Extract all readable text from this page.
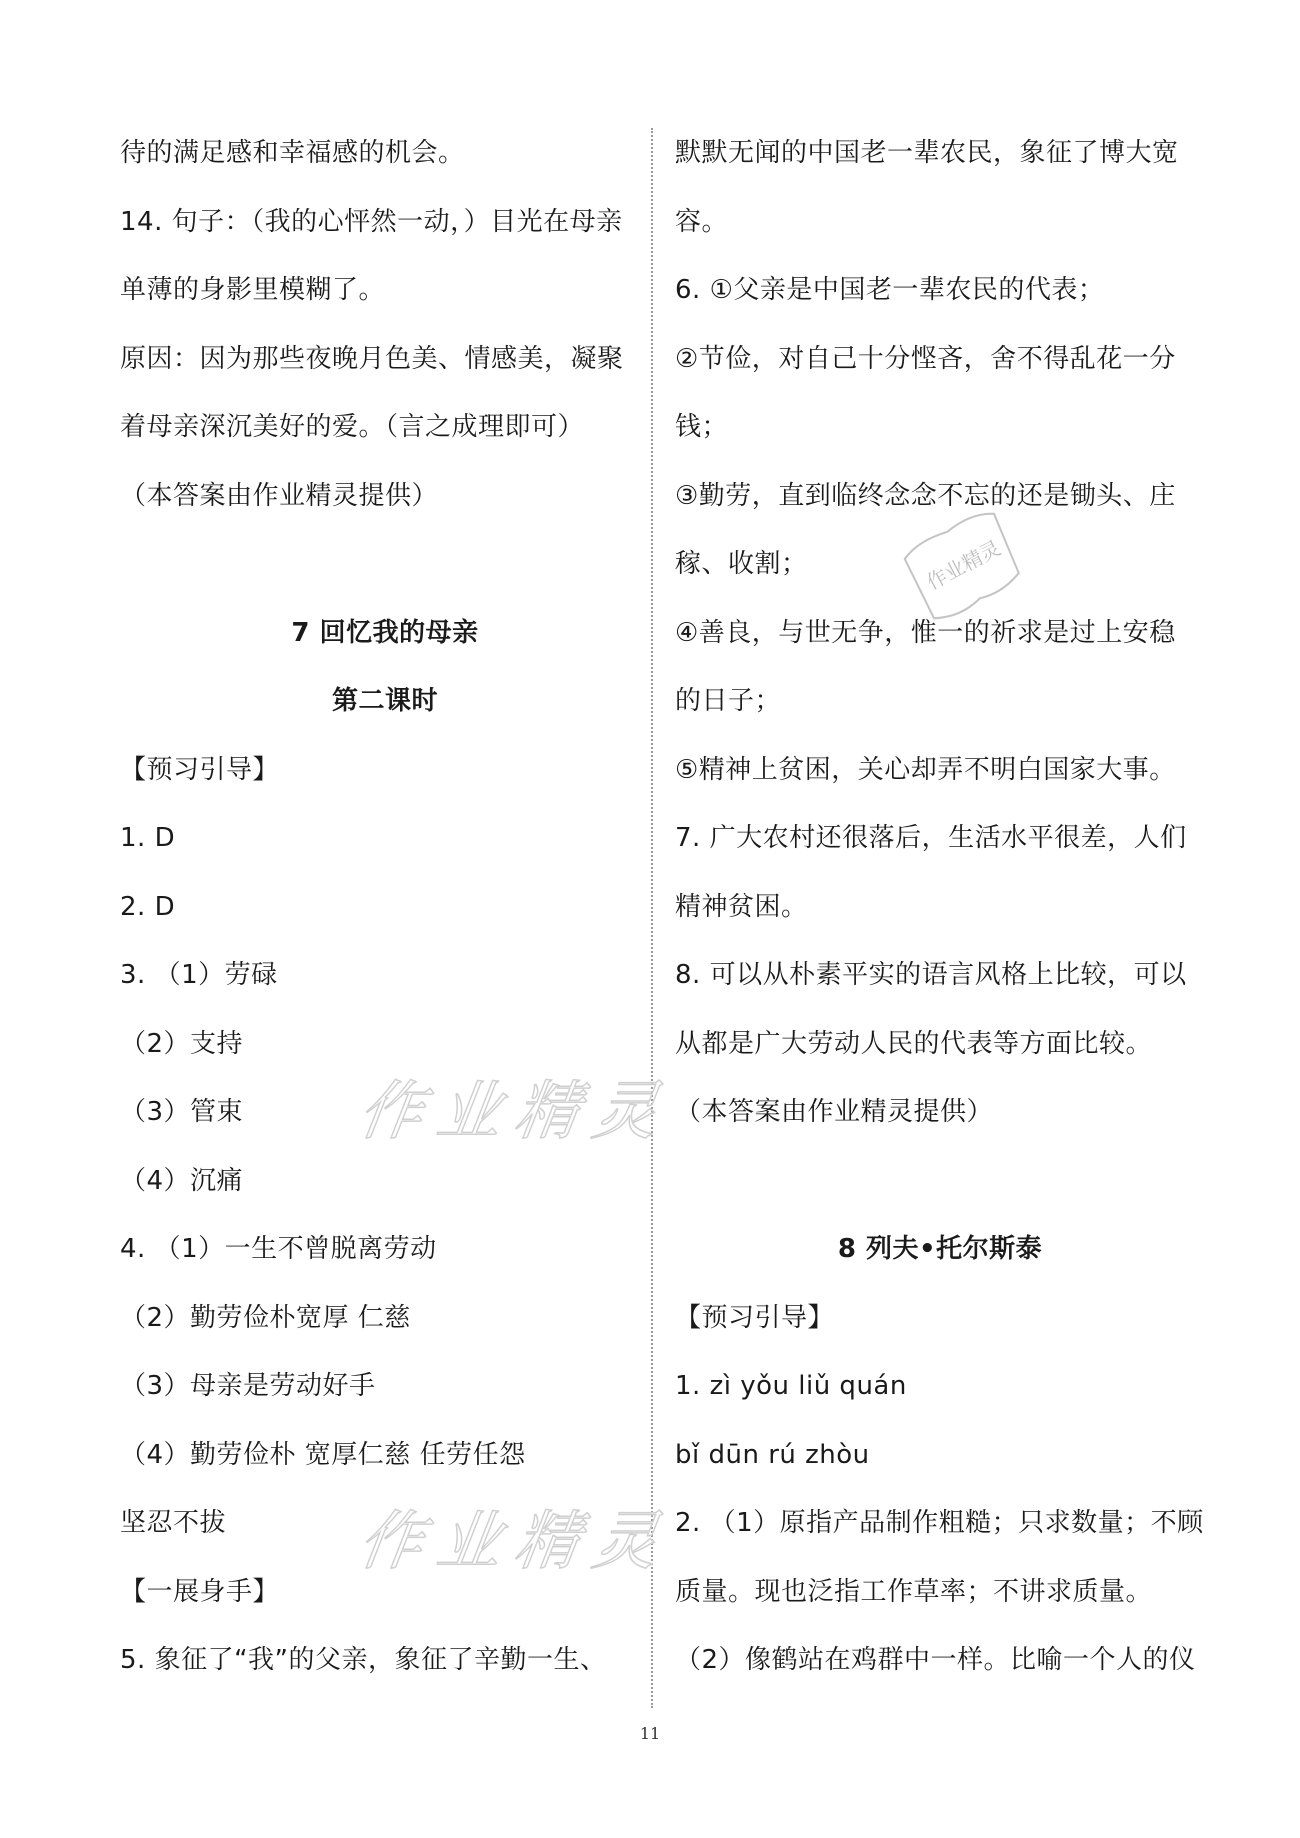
待的满足感和幸福感的机会。
14. 句子：（我的心怦然一动，）目光在母亲
单薄的身影里模糊了。
原因：因为那些夜晚月色美、情感美，凝聚
着母亲深沉美好的爱。（言之成理即可）
（本答案由作业精灵提供）
7 回忆我的母亲
第二课时
【预习引导】
1. D
2. D
3. （1）劳碌
（2）支持
（3）管束
（4）沉痛
4. （1）一生不曾脱离劳动
（2）勤劳俭朴宽厚 仁慈
（3）母亲是劳动好手
（4）勤劳俭朴 宽厚仁慈 任劳任怨
坚忍不拔
【一展身手】
5. 象征了“我”的父亲，象征了辛勤一生、
默默无闻的中国老一辈农民，象征了博大宽
容。
6. ①父亲是中国老一辈农民的代表；
②节俭，对自己十分悭吝，舍不得乱花一分
钱；
③勤劳，直到临终念念不忘的还是锄头、庄
稼、收割；
④善良，与世无争，惟一的祈求是过上安稳
的日子；
⑤精神上贫困，关心却弄不明白国家大事。
7. 广大农村还很落后，生活水平很差，人们
精神贫困。
8. 可以从朴素平实的语言风格上比较，可以
从都是广大劳动人民的代表等方面比较。
（本答案由作业精灵提供）
8 列夫•托尔斯泰
【预习引导】
1. zì yǒu liǔ quán
bǐ dūn rú zhòu
2. （1）原指产品制作粗糙；只求数量；不顾
质量。现也泛指工作草率；不讲求质量。
（2）像鹤站在鸡群中一样。比喻一个人的仪
作业精灵
作业精灵
作业精灵
11
